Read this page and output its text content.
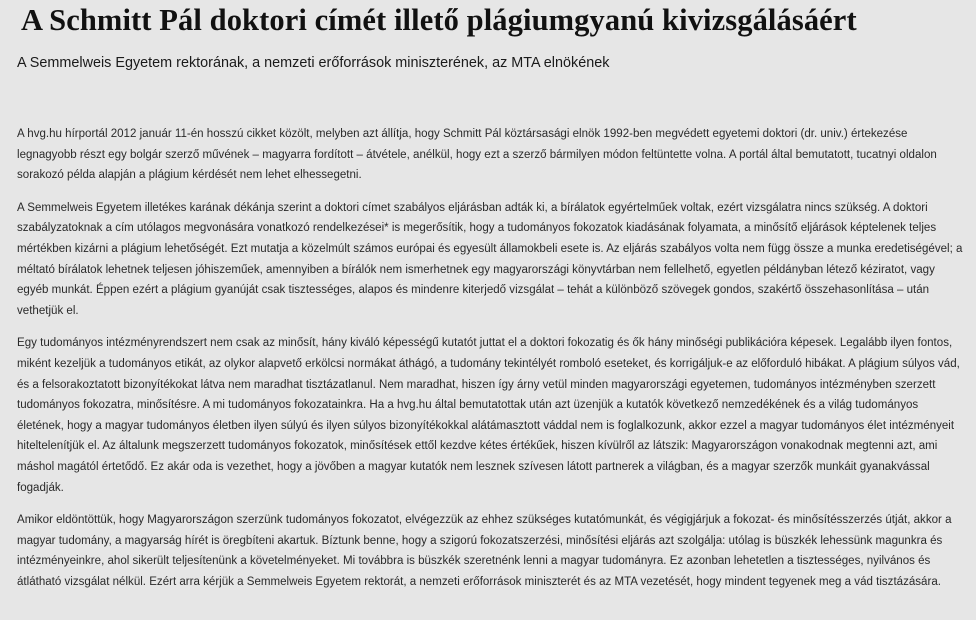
A Schmitt Pál doktori címét illető plágiumgyanú kivizsgálásáért
A Semmelweis Egyetem rektorának, a nemzeti erőforrások miniszterének, az MTA elnökének

A hvg.hu hírportál 2012 január 11-én hosszú cikket közölt, melyben azt állítja, hogy Schmitt Pál köztársasági elnök 1992-ben megvédett egyetemi doktori (dr. univ.) értekezése legnagyobb részt egy bolgár szerző művének – magyarra fordított – átvétele, anélkül, hogy ezt a szerző bármilyen módon feltüntette volna. A portál által bemutatott, tucatnyi oldalon sorakozó példa alapján a plágium kérdését nem lehet elhessegetni.

A Semmelweis Egyetem illetékes karának dékánja szerint a doktori címet szabályos eljárásban adták ki, a bírálatok egyértelműek voltak, ezért vizsgálatra nincs szükség. A doktori szabályzatoknak a cím utólagos megvonására vonatkozó rendelkezései* is megerősítik, hogy a tudományos fokozatok kiadásának folyamata, a minősítő eljárások képtelenek teljes mértékben kizárni a plágium lehetőségét. Ezt mutatja a közelmúlt számos európai és egyesült államokbeli esete is. Az eljárás szabályos volta nem függ össze a munka eredetiségével; a méltató bírálatok lehetnek teljesen jóhiszeműek, amennyiben a bírálók nem ismerhetnek egy magyarországi könyvtárban nem fellelhető, egyetlen példányban létező kéziratot, vagy egyéb munkát. Éppen ezért a plágium gyanúját csak tisztességes, alapos és mindenre kiterjedő vizsgálat – tehát a különböző szövegek gondos, szakértő összehasonlítása – után vethetjük el.

Egy tudományos intézményrendszert nem csak az minősít, hány kiváló képességű kutatót juttat el a doktori fokozatig és ők hány minőségi publikációra képesek. Legalább ilyen fontos, miként kezeljük a tudományos etikát, az olykor alapvető erkölcsi normákat áthágó, a tudomány tekintélyét romboló eseteket, és korrigáljuk-e az előforduló hibákat. A plágium súlyos vád, és a felsorakoztatott bizonyítékokat látva nem maradhat tisztázatlanul. Nem maradhat, hiszen így árny vetül minden magyarországi egyetemen, tudományos intézményben szerzett tudományos fokozatra, minősítésre. A mi tudományos fokozatainkra. Ha a hvg.hu által bemutatottak után azt üzenjük a kutatók következő nemzedékének és a világ tudományos életének, hogy a magyar tudományos életben ilyen súlyú és ilyen súlyos bizonyítékokkal alátámasztott váddal nem is foglalkozunk, akkor ezzel a magyar tudományos élet intézményeit hiteltelenítjük el. Az általunk megszerzett tudományos fokozatok, minősítések ettől kezdve kétes értékűek, hiszen kívülről az látszik: Magyarországon vonakodnak megtenni azt, ami máshol magától értetődő. Ez akár oda is vezethet, hogy a jövőben a magyar kutatók nem lesznek szívesen látott partnerek a világban, és a magyar szerzők munkáit gyanakvással fogadják.

Amikor eldöntöttük, hogy Magyarországon szerzünk tudományos fokozatot, elvégezzük az ehhez szükséges kutatómunkát, és végigjárjuk a fokozat- és minősítésszerzés útját, akkor a magyar tudomány, a magyarság hírét is öregbíteni akartuk. Bíztunk benne, hogy a szigorú fokozatszerzési, minősítési eljárás azt szolgálja: utólag is büszkék lehessünk magunkra és intézményeinkre, ahol sikerült teljesítenünk a követelményeket. Mi továbbra is büszkék szeretnénk lenni a magyar tudományra. Ez azonban lehetetlen a tisztességes, nyilvános és átlátható vizsgálat nélkül. Ezért arra kérjük a Semmelweis Egyetem rektorát, a nemzeti erőforrások miniszterét és az MTA vezetését, hogy mindent tegyenek meg a vád tisztázására.
